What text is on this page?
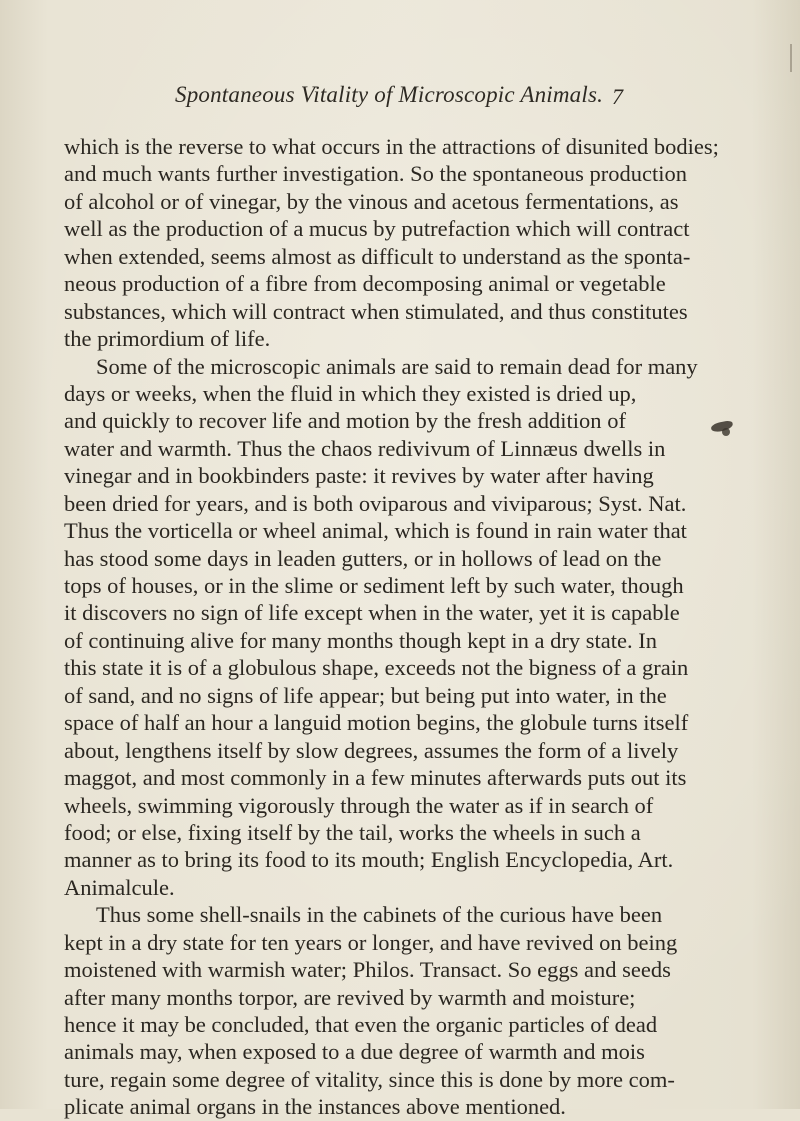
Spontaneous Vitality of Microscopic Animals. 7
which is the reverse to what occurs in the attractions of disunited bodies;
and much wants further investigation. So the spontaneous production
of alcohol or of vinegar, by the vinous and acetous fermentations, as
well as the production of a mucus by putrefaction which will contract
when extended, seems almost as difficult to understand as the sponta-
neous production of a fibre from decomposing animal or vegetable
substances, which will contract when stimulated, and thus constitutes
the primordium of life.
Some of the microscopic animals are said to remain dead for many
days or weeks, when the fluid in which they existed is dried up,
and quickly to recover life and motion by the fresh addition of
water and warmth. Thus the chaos redivivum of Linnæus dwells in
vinegar and in bookbinders paste: it revives by water after having
been dried for years, and is both oviparous and viviparous; Syst. Nat.
Thus the vorticella or wheel animal, which is found in rain water that
has stood some days in leaden gutters, or in hollows of lead on the
tops of houses, or in the slime or sediment left by such water, though
it discovers no sign of life except when in the water, yet it is capable
of continuing alive for many months though kept in a dry state. In
this state it is of a globulous shape, exceeds not the bigness of a grain
of sand, and no signs of life appear; but being put into water, in the
space of half an hour a languid motion begins, the globule turns itself
about, lengthens itself by slow degrees, assumes the form of a lively
maggot, and most commonly in a few minutes afterwards puts out its
wheels, swimming vigorously through the water as if in search of
food; or else, fixing itself by the tail, works the wheels in such a
manner as to bring its food to its mouth; English Encyclopedia, Art.
Animalcule.
Thus some shell-snails in the cabinets of the curious have been
kept in a dry state for ten years or longer, and have revived on being
moistened with warmish water; Philos. Transact. So eggs and seeds
after many months torpor, are revived by warmth and moisture;
hence it may be concluded, that even the organic particles of dead
animals may, when exposed to a due degree of warmth and mois
ture, regain some degree of vitality, since this is done by more com-
plicate animal organs in the instances above mentioned.
